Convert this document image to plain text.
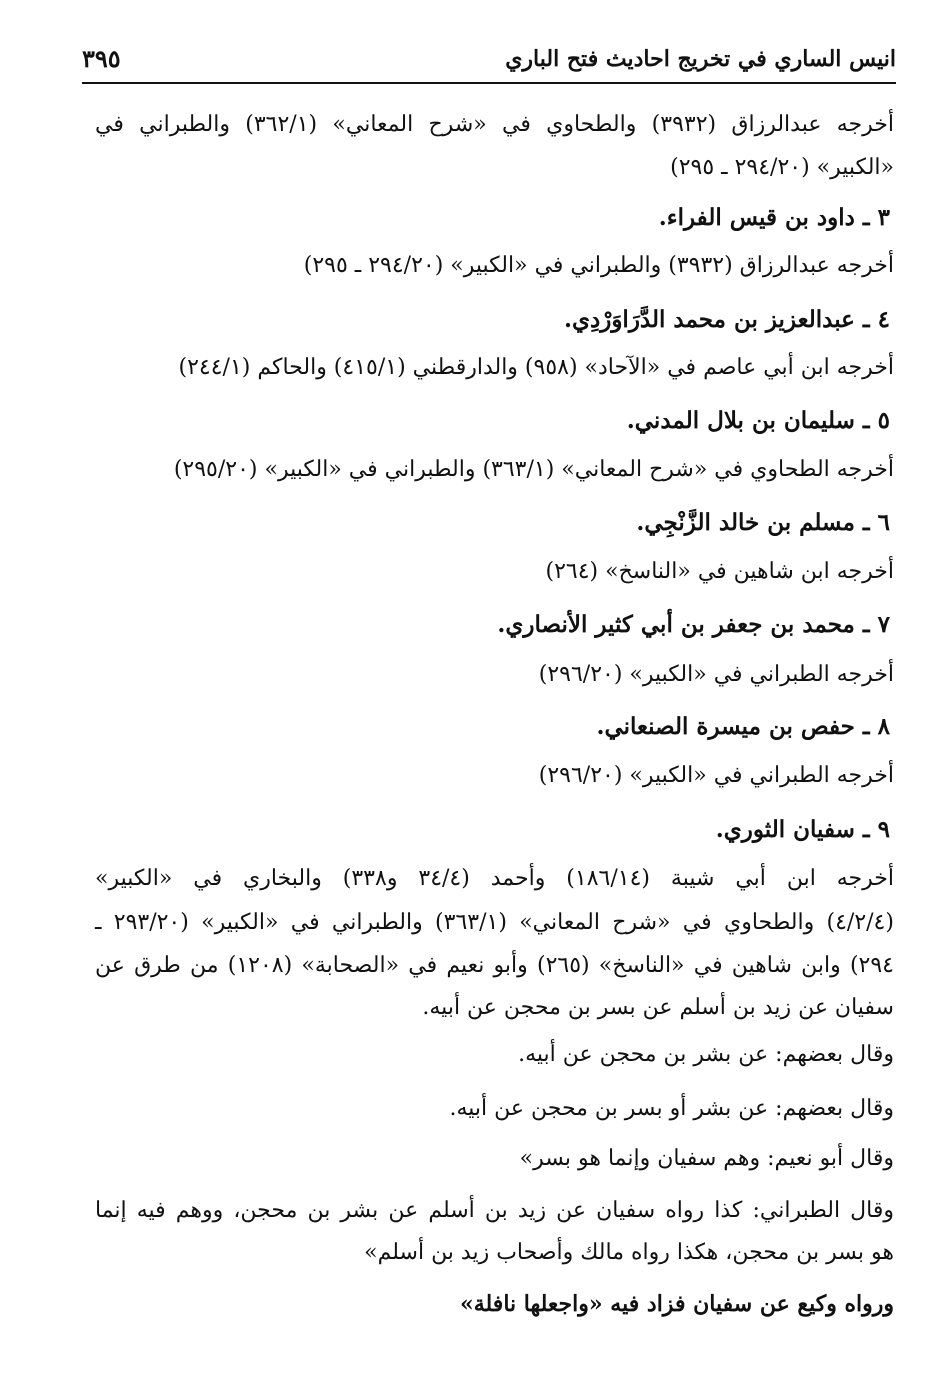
انيس الساري في تخريج احاديث فتح الباري
٣٩٥
أخرجه عبدالرزاق (٣٩٣٢) والطحاوي في «شرح المعاني» (٣٦٢/١) والطبراني في
«الكبير» (٢٩٤/٢٠ ـ ٢٩٥)
٣ ـ داود بن قيس الفراء.
أخرجه عبدالرزاق (٣٩٣٢) والطبراني في «الكبير» (٢٩٤/٢٠ ـ ٢٩٥)
٤ ـ عبدالعزيز بن محمد الدَّرَاوَرْدِي.
أخرجه ابن أبي عاصم في «الآحاد» (٩٥٨) والدارقطني (٤١٥/١) والحاكم (٢٤٤/١)
٥ ـ سليمان بن بلال المدني.
أخرجه الطحاوي في «شرح المعاني» (٣٦٣/١) والطبراني في «الكبير» (٢٩٥/٢٠)
٦ ـ مسلم بن خالد الزَّنْجِي.
أخرجه ابن شاهين في «الناسخ» (٢٦٤)
٧ ـ محمد بن جعفر بن أبي كثير الأنصاري.
أخرجه الطبراني في «الكبير» (٢٩٦/٢٠)
٨ ـ حفص بن ميسرة الصنعاني.
أخرجه الطبراني في «الكبير» (٢٩٦/٢٠)
٩ ـ سفيان الثوري.
أخرجه ابن أبي شيبة (١٨٦/١٤) وأحمد (٣٤/٤ و٣٣٨) والبخاري في «الكبير»
(٤/٢/٤) والطحاوي في «شرح المعاني» (٣٦٣/١) والطبراني في «الكبير» (٢٩٣/٢٠ ـ
٢٩٤) وابن شاهين في «الناسخ» (٢٦٥) وأبو نعيم في «الصحابة» (١٢٠٨) من طرق عن
سفيان عن زيد بن أسلم عن بسر بن محجن عن أبيه.
وقال بعضهم: عن بشر بن محجن عن أبيه.
وقال بعضهم: عن بشر أو بسر بن محجن عن أبيه.
وقال أبو نعيم: وهم سفيان وإنما هو بسر»
وقال الطبراني: كذا رواه سفيان عن زيد بن أسلم عن بشر بن محجن، ووهم فيه إنما
هو بسر بن محجن، هكذا رواه مالك وأصحاب زيد بن أسلم»
ورواه وكيع عن سفيان فزاد فيه «واجعلها نافلة»
